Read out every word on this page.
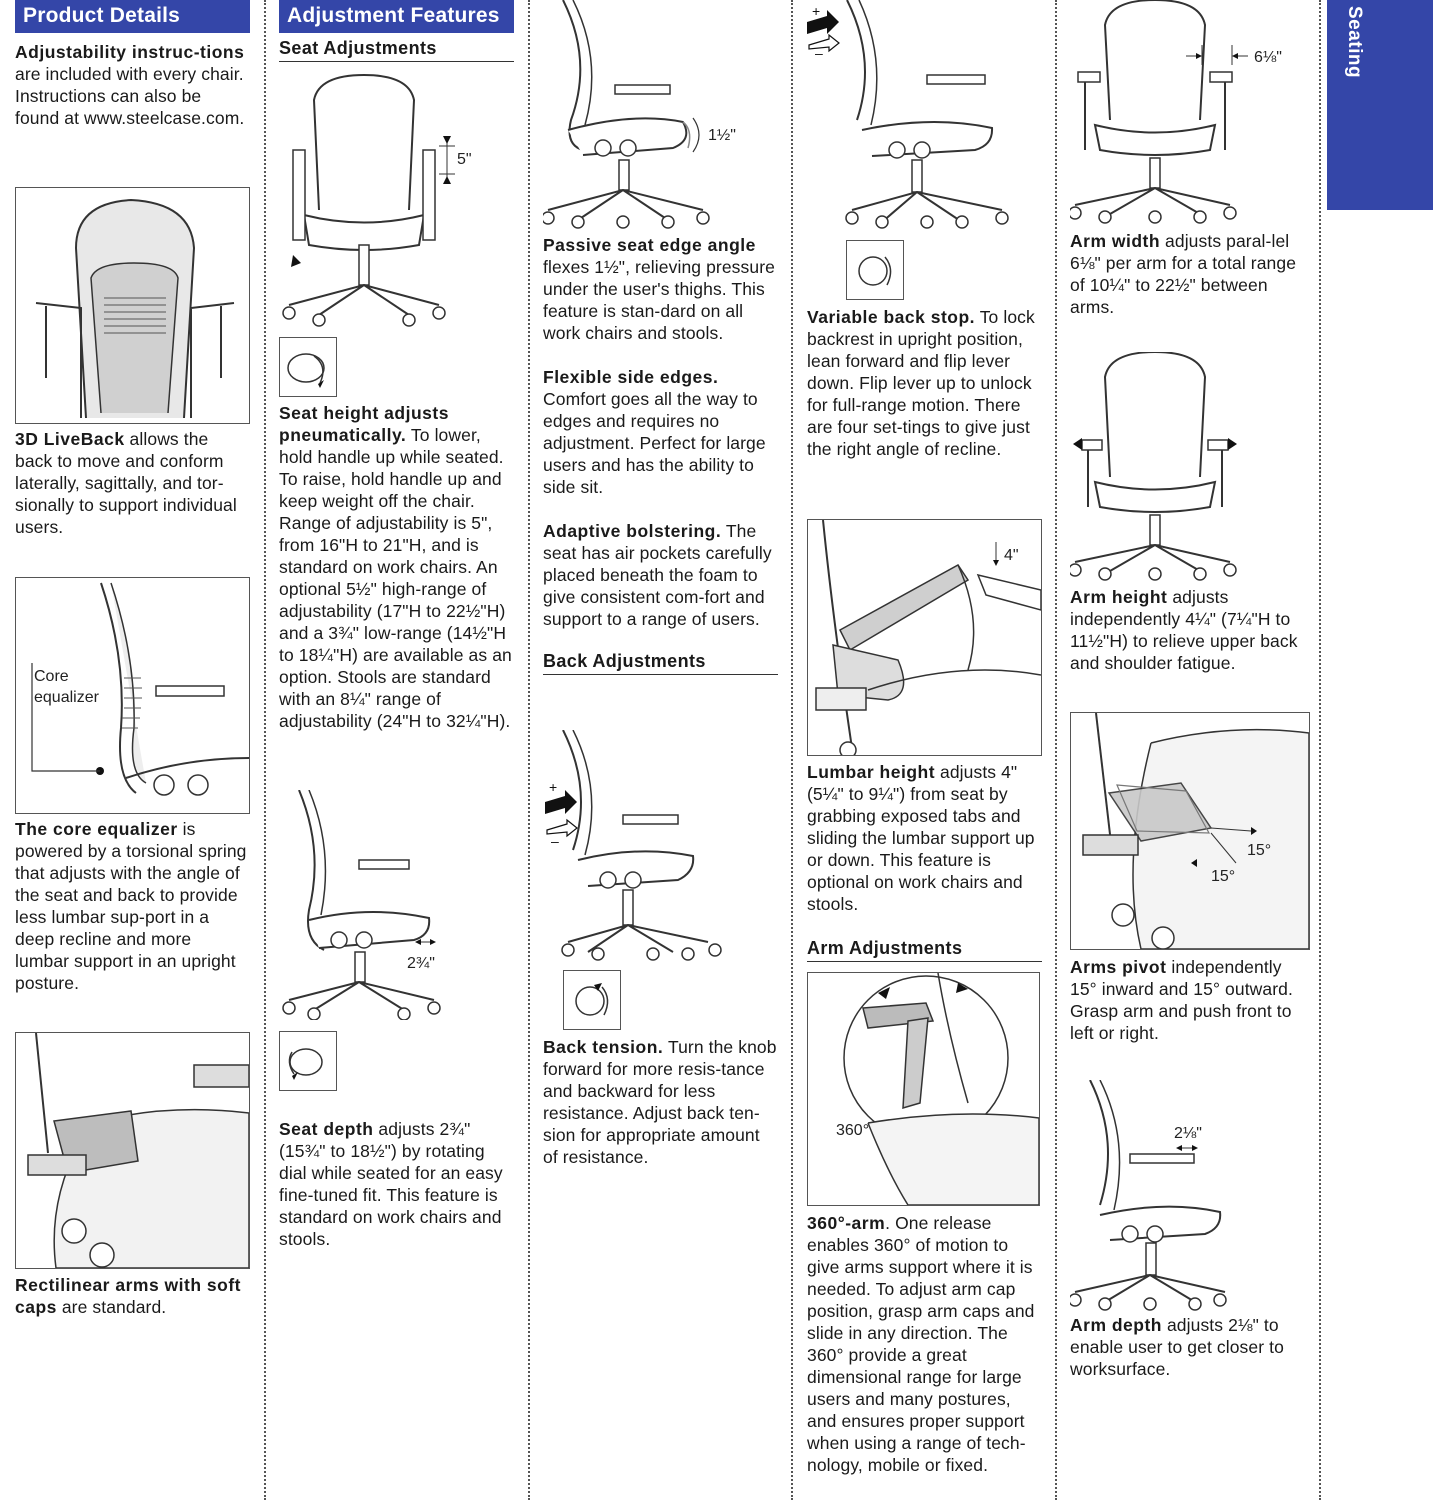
Seating
Product Details

Adjustability instruc-tions are included with every chair. Instructions can also be found at www.steelcase.com.

3D LiveBack allows the back to move and conform laterally, sagittally, and tor-sionally to support individual users.

Core equalizer

The core equalizer is powered by a torsional spring that adjusts with the angle of the seat and back to provide less lumbar sup-port in a deep recline and more lumbar support in an upright posture.

Rectilinear arms with soft caps are standard.

Adjustment Features
Seat Adjustments
5"

Seat height adjusts pneumatically. To lower, hold handle up while seated. To raise, hold handle up and keep weight off the chair. Range of adjustability is 5", from 16"H to 21"H, and is standard on work chairs. An optional 5½" high-range of adjustability (17"H to 22½"H) and a 3¾" low-range (14½"H to 18¼"H) are available as an option. Stools are standard with an 8¼" range of adjustability (24"H to 32¼"H).

2¾"

Seat depth adjusts 2¾" (15¾" to 18½") by rotating dial while seated for an easy fine-tuned fit. This feature is standard on work chairs and stools.

1½"

Passive seat edge angle flexes 1½", relieving pressure under the user's thighs. This feature is stan-dard on all work chairs and stools.

Flexible side edges. Comfort goes all the way to edges and requires no adjustment. Perfect for large users and has the ability to side sit.

Adaptive bolstering. The seat has air pockets carefully placed beneath the foam to give consistent com-fort and support to a range of users.

Back Adjustments
+
–

Back tension. Turn the knob forward for more resis-tance and backward for less resistance. Adjust back ten-sion for appropriate amount of resistance.

+
–

Variable back stop. To lock backrest in upright position, lean forward and flip lever down. Flip lever up to unlock for full-range motion. There are four set-tings to give just the right angle of recline.

4"

Lumbar height adjusts 4" (5¼" to 9¼") from seat by grabbing exposed tabs and sliding the lumbar support up or down. This feature is optional on work chairs and stools.

Arm Adjustments
360°

360°-arm. One release enables 360° of motion to give arms support where it is needed. To adjust arm cap position, grasp arm caps and slide in any direction. The 360° provide a great dimensional range for large users and many postures, and ensures proper support when using a range of tech-nology, mobile or fixed.

6⅛"

Arm width adjusts paral-lel 6⅛" per arm for a total range of 10¼" to 22½" between arms.

Arm height adjusts independently 4¼" (7¼"H to 11½"H) to relieve upper back and shoulder fatigue.

15°
15°

Arms pivot independently 15° inward and 15° outward. Grasp arm and push front to left or right.

2⅛"

Arm depth adjusts 2⅛" to enable user to get closer to worksurface.
